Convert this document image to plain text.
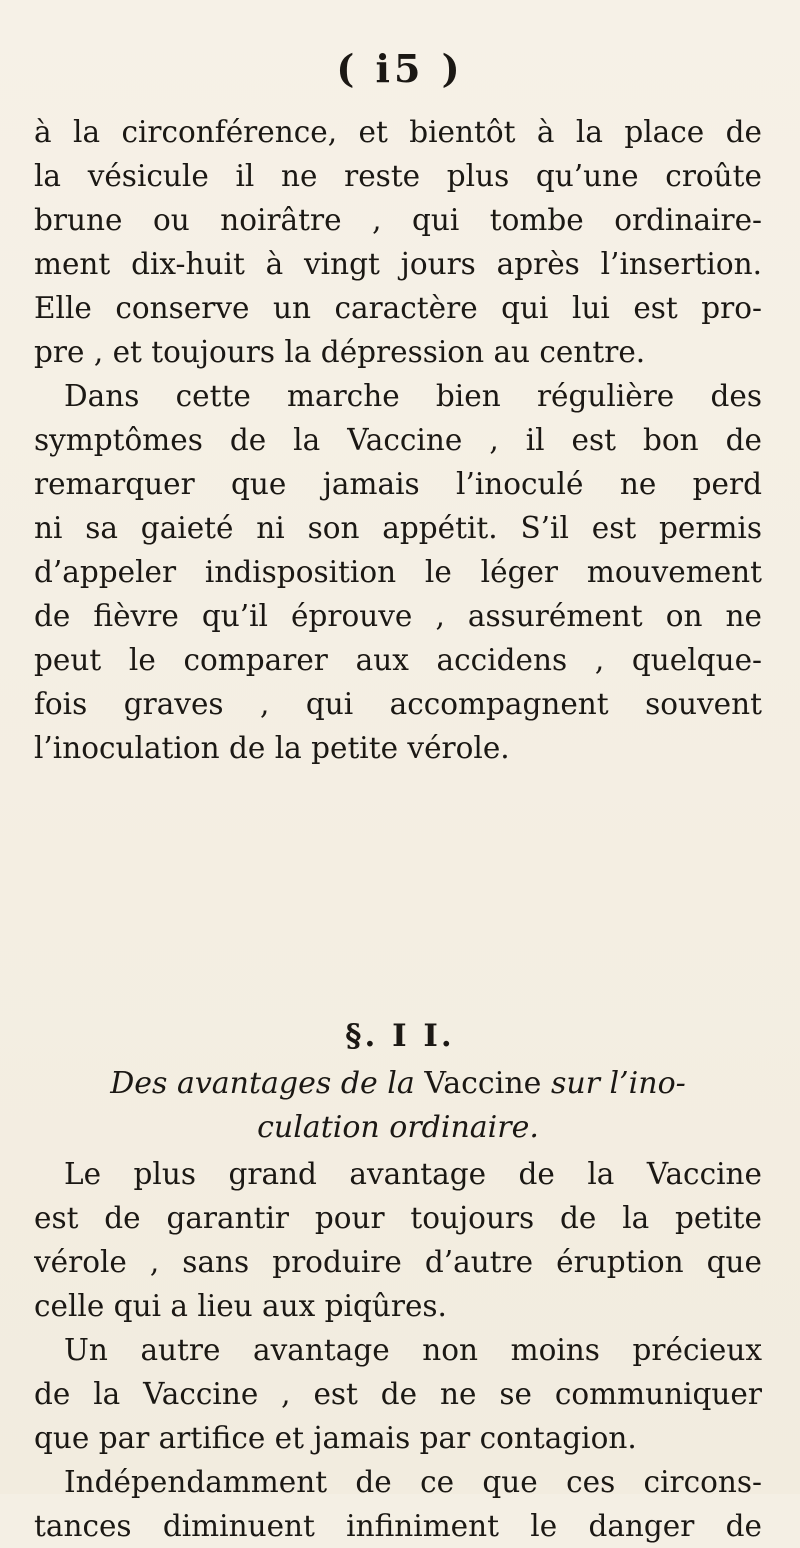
( i5 )
à la circonférence, et bientôt à la place de
la vésicule il ne reste plus qu’une croûte
brune ou noirâtre , qui tombe ordinaire-
ment dix-huit à vingt jours après l’insertion.
Elle conserve un caractère qui lui est pro-
pre , et toujours la dépression au centre.
Dans cette marche bien régulière des
symptômes de la Vaccine , il est bon de
remarquer que jamais l’inoculé ne perd
ni sa gaieté ni son appétit. S’il est permis
d’appeler indisposition le léger mouvement
de fièvre qu’il éprouve , assurément on ne
peut le comparer aux accidens , quelque-
fois graves , qui accompagnent souvent
l’inoculation de la petite vérole.
§. I I.
Des avantages de la Vaccine sur l’ino-
culation ordinaire.
Le plus grand avantage de la Vaccine
est de garantir pour toujours de la petite
vérole , sans produire d’autre éruption que
celle qui a lieu aux piqûres.
Un autre avantage non moins précieux
de la Vaccine , est de ne se communiquer
que par artifice et jamais par contagion.
Indépendamment de ce que ces circons-
tances diminuent infiniment le danger de
